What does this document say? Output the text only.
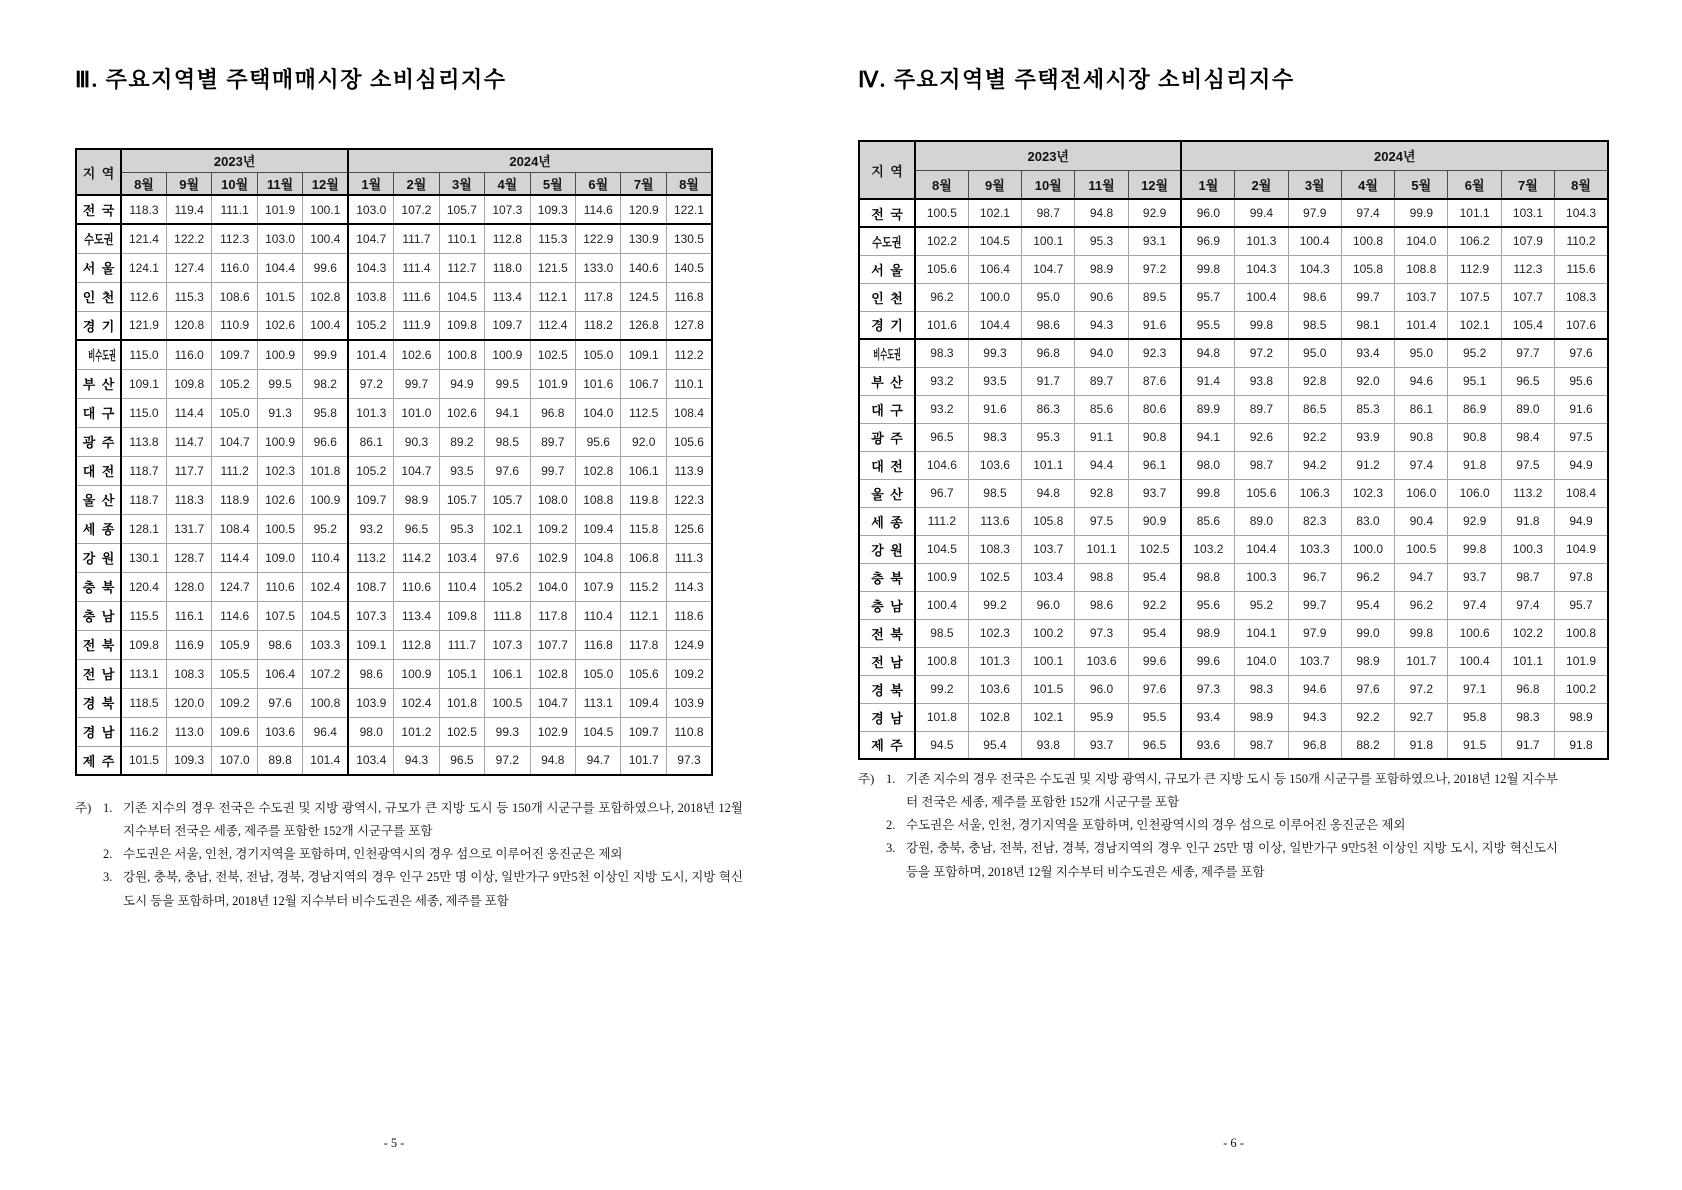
Ⅲ. 주요지역별 주택매매시장 소비심리지수
지역	2023년					2024년							
	8월	9월	10월	11월	12월	1월	2월	3월	4월	5월	6월	7월	8월
전국	118.3	119.4	111.1	101.9	100.1	103.0	107.2	105.7	107.3	109.3	114.6	120.9	122.1
수도권	121.4	122.2	112.3	103.0	100.4	104.7	111.7	110.1	112.8	115.3	122.9	130.9	130.5
서울	124.1	127.4	116.0	104.4	99.6	104.3	111.4	112.7	118.0	121.5	133.0	140.6	140.5
인천	112.6	115.3	108.6	101.5	102.8	103.8	111.6	104.5	113.4	112.1	117.8	124.5	116.8
경기	121.9	120.8	110.9	102.6	100.4	105.2	111.9	109.8	109.7	112.4	118.2	126.8	127.8
비수도권	115.0	116.0	109.7	100.9	99.9	101.4	102.6	100.8	100.9	102.5	105.0	109.1	112.2
부산	109.1	109.8	105.2	99.5	98.2	97.2	99.7	94.9	99.5	101.9	101.6	106.7	110.1
대구	115.0	114.4	105.0	91.3	95.8	101.3	101.0	102.6	94.1	96.8	104.0	112.5	108.4
광주	113.8	114.7	104.7	100.9	96.6	86.1	90.3	89.2	98.5	89.7	95.6	92.0	105.6
대전	118.7	117.7	111.2	102.3	101.8	105.2	104.7	93.5	97.6	99.7	102.8	106.1	113.9
울산	118.7	118.3	118.9	102.6	100.9	109.7	98.9	105.7	105.7	108.0	108.8	119.8	122.3
세종	128.1	131.7	108.4	100.5	95.2	93.2	96.5	95.3	102.1	109.2	109.4	115.8	125.6
강원	130.1	128.7	114.4	109.0	110.4	113.2	114.2	103.4	97.6	102.9	104.8	106.8	111.3
충북	120.4	128.0	124.7	110.6	102.4	108.7	110.6	110.4	105.2	104.0	107.9	115.2	114.3
충남	115.5	116.1	114.6	107.5	104.5	107.3	113.4	109.8	111.8	117.8	110.4	112.1	118.6
전북	109.8	116.9	105.9	98.6	103.3	109.1	112.8	111.7	107.3	107.7	116.8	117.8	124.9
전남	113.1	108.3	105.5	106.4	107.2	98.6	100.9	105.1	106.1	102.8	105.0	105.6	109.2
경북	118.5	120.0	109.2	97.6	100.8	103.9	102.4	101.8	100.5	104.7	113.1	109.4	103.9
경남	116.2	113.0	109.6	103.6	96.4	98.0	101.2	102.5	99.3	102.9	104.5	109.7	110.8
제주	101.5	109.3	107.0	89.8	101.4	103.4	94.3	96.5	97.2	94.8	94.7	101.7	97.3
주) 1. 기존 지수의 경우 전국은 수도권 및 지방 광역시, 규모가 큰 지방 도시 등 150개 시군구를 포함하였으나, 2018년 12월 지수부터 전국은 세종, 제주를 포함한 152개 시군구를 포함
2. 수도권은 서울, 인천, 경기지역을 포함하며, 인천광역시의 경우 섬으로 이루어진 옹진군은 제외
3. 강원, 충북, 충남, 전북, 전남, 경북, 경남지역의 경우 인구 25만 명 이상, 일반가구 9만5천 이상인 지방 도시, 지방 혁신도시 등을 포함하며, 2018년 12월 지수부터 비수도권은 세종, 제주를 포함
- 5 -
Ⅳ. 주요지역별 주택전세시장 소비심리지수
지역	2023년					2024년							
	8월	9월	10월	11월	12월	1월	2월	3월	4월	5월	6월	7월	8월
전국	100.5	102.1	98.7	94.8	92.9	96.0	99.4	97.9	97.4	99.9	101.1	103.1	104.3
수도권	102.2	104.5	100.1	95.3	93.1	96.9	101.3	100.4	100.8	104.0	106.2	107.9	110.2
서울	105.6	106.4	104.7	98.9	97.2	99.8	104.3	104.3	105.8	108.8	112.9	112.3	115.6
인천	96.2	100.0	95.0	90.6	89.5	95.7	100.4	98.6	99.7	103.7	107.5	107.7	108.3
경기	101.6	104.4	98.6	94.3	91.6	95.5	99.8	98.5	98.1	101.4	102.1	105.4	107.6
비수도권	98.3	99.3	96.8	94.0	92.3	94.8	97.2	95.0	93.4	95.0	95.2	97.7	97.6
부산	93.2	93.5	91.7	89.7	87.6	91.4	93.8	92.8	92.0	94.6	95.1	96.5	95.6
대구	93.2	91.6	86.3	85.6	80.6	89.9	89.7	86.5	85.3	86.1	86.9	89.0	91.6
광주	96.5	98.3	95.3	91.1	90.8	94.1	92.6	92.2	93.9	90.8	90.8	98.4	97.5
대전	104.6	103.6	101.1	94.4	96.1	98.0	98.7	94.2	91.2	97.4	91.8	97.5	94.9
울산	96.7	98.5	94.8	92.8	93.7	99.8	105.6	106.3	102.3	106.0	106.0	113.2	108.4
세종	111.2	113.6	105.8	97.5	90.9	85.6	89.0	82.3	83.0	90.4	92.9	91.8	94.9
강원	104.5	108.3	103.7	101.1	102.5	103.2	104.4	103.3	100.0	100.5	99.8	100.3	104.9
충북	100.9	102.5	103.4	98.8	95.4	98.8	100.3	96.7	96.2	94.7	93.7	98.7	97.8
충남	100.4	99.2	96.0	98.6	92.2	95.6	95.2	99.7	95.4	96.2	97.4	97.4	95.7
전북	98.5	102.3	100.2	97.3	95.4	98.9	104.1	97.9	99.0	99.8	100.6	102.2	100.8
전남	100.8	101.3	100.1	103.6	99.6	99.6	104.0	103.7	98.9	101.7	100.4	101.1	101.9
경북	99.2	103.6	101.5	96.0	97.6	97.3	98.3	94.6	97.6	97.2	97.1	96.8	100.2
경남	101.8	102.8	102.1	95.9	95.5	93.4	98.9	94.3	92.2	92.7	95.8	98.3	98.9
제주	94.5	95.4	93.8	93.7	96.5	93.6	98.7	96.8	88.2	91.8	91.5	91.7	91.8
주) 1. 기존 지수의 경우 전국은 수도권 및 지방 광역시, 규모가 큰 지방 도시 등 150개 시군구를 포함하였으나, 2018년 12월 지수부터 전국은 세종, 제주를 포함한 152개 시군구를 포함
2. 수도권은 서울, 인천, 경기지역을 포함하며, 인천광역시의 경우 섬으로 이루어진 옹진군은 제외
3. 강원, 충북, 충남, 전북, 전남, 경북, 경남지역의 경우 인구 25만 명 이상, 일반가구 9만5천 이상인 지방 도시, 지방 혁신도시 등을 포함하며, 2018년 12월 지수부터 비수도권은 세종, 제주를 포함
- 6 -
